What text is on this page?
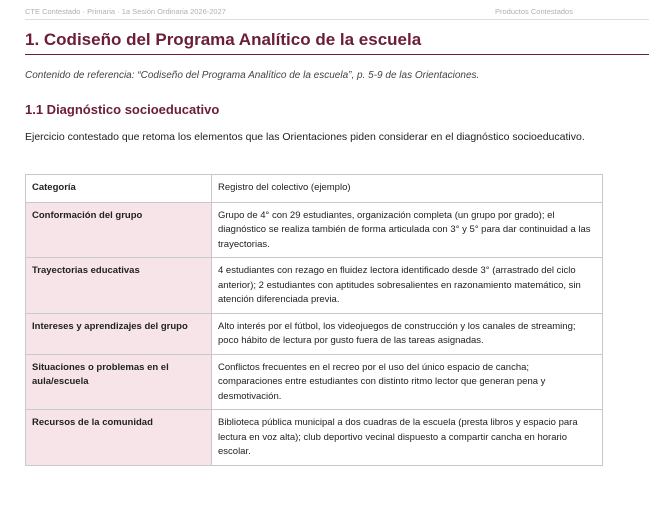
CTE Contestado · Primaria · 1a Sesión Ordinaria 2026-2027	Productos Contestados
1. Codiseño del Programa Analítico de la escuela

Contenido de referencia: “Codiseño del Programa Analítico de la escuela”, p. 5-9 de las Orientaciones.

1.1 Diagnóstico socioeducativo

Ejercicio contestado que retoma los elementos que las Orientaciones piden considerar en el diagnóstico socioeducativo.

Categoría	Registro del colectivo (ejemplo)
Conformación del grupo	Grupo de 4° con 29 estudiantes, organización completa (un grupo por grado); el diagnóstico se realiza también de forma articulada con 3° y 5° para dar continuidad a las trayectorias.
Trayectorias educativas	4 estudiantes con rezago en fluidez lectora identificado desde 3° (arrastrado del ciclo anterior); 2 estudiantes con aptitudes sobresalientes en razonamiento matemático, sin atención diferenciada previa.
Intereses y aprendizajes del grupo	Alto interés por el fútbol, los videojuegos de construcción y los canales de streaming; poco hábito de lectura por gusto fuera de las tareas asignadas.
Situaciones o problemas en el aula/escuela	Conflictos frecuentes en el recreo por el uso del único espacio de cancha; comparaciones entre estudiantes con distinto ritmo lector que generan pena y desmotivación.
Recursos de la comunidad	Biblioteca pública municipal a dos cuadras de la escuela (presta libros y espacio para lectura en voz alta); club deportivo vecinal dispuesto a compartir cancha en horario escolar.
